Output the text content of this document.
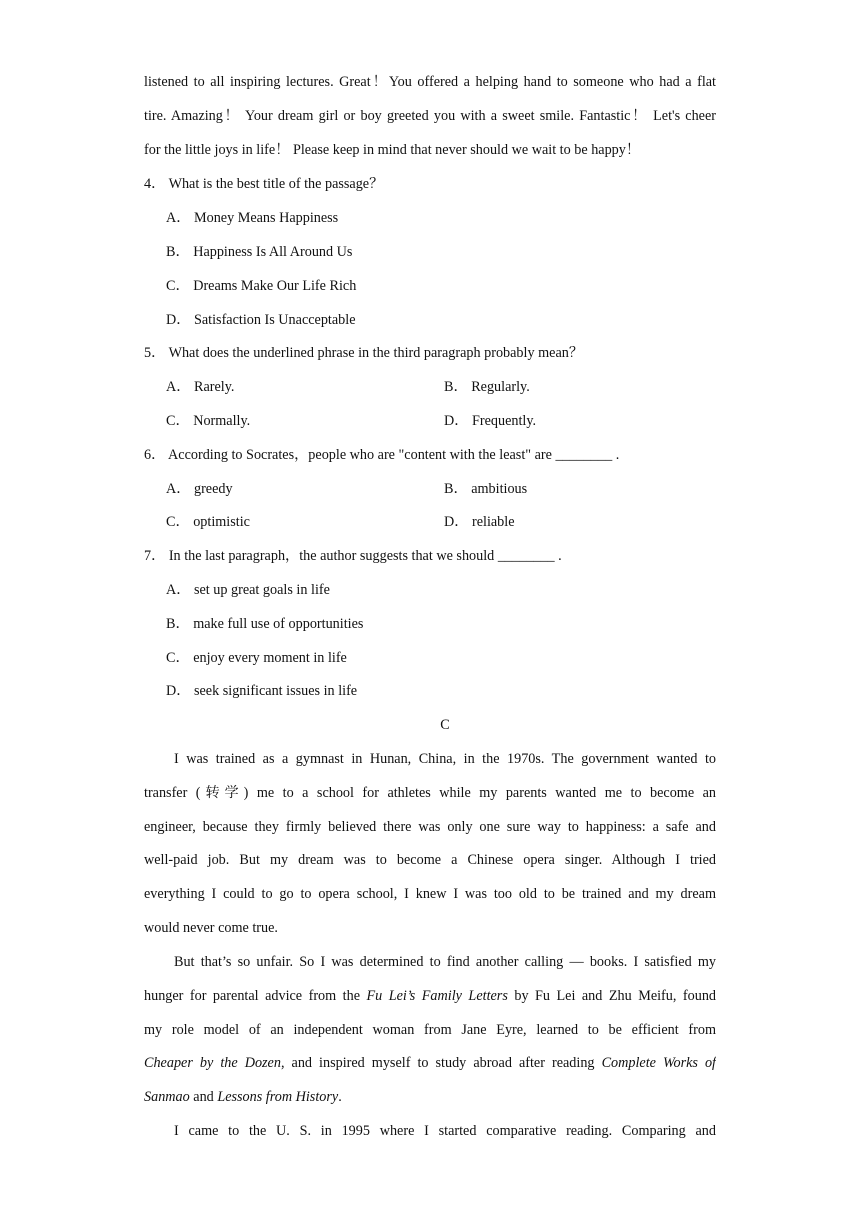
listened to all inspiring lectures. Great！You offered a helping hand to someone who had a flat
tire. Amazing！ Your dream girl or boy greeted you with a sweet smile. Fantastic！ Let's cheer
for the little joys in life！ Please keep in mind that never should we wait to be happy！
4． What is the best title of the passage？
A． Money Means Happiness
B． Happiness Is All Around Us
C． Dreams Make Our Life Rich
D． Satisfaction Is Unacceptable
5． What does the underlined phrase in the third paragraph probably mean？
A． Rarely.	B． Regularly.
C． Normally.	D． Frequently.
6． According to Socrates，people who are "content with the least" are ________ .
A． greedy	B． ambitious
C． optimistic	D． reliable
7． In the last paragraph，the author suggests that we should ________ .
A． set up great goals in life
B． make full use of opportunities
C． enjoy every moment in life
D． seek significant issues in life
C
I was trained as a gymnast in Hunan, China, in the 1970s. The government wanted to
transfer (转学) me to a school for athletes while my parents wanted me to become an
engineer, because they firmly believed there was only one sure way to happiness: a safe and
well-paid job. But my dream was to become a Chinese opera singer. Although I tried
everything I could to go to opera school, I knew I was too old to be trained and my dream
would never come true.
But that’s so unfair. So I was determined to find another calling — books. I satisfied my
hunger for parental advice from the Fu Lei’s Family Letters by Fu Lei and Zhu Meifu, found
my role model of an independent woman from Jane Eyre, learned to be efficient from
Cheaper by the Dozen, and inspired myself to study abroad after reading Complete Works of
Sanmao and Lessons from History.
I came to the U. S. in 1995 where I started comparative reading. Comparing and
